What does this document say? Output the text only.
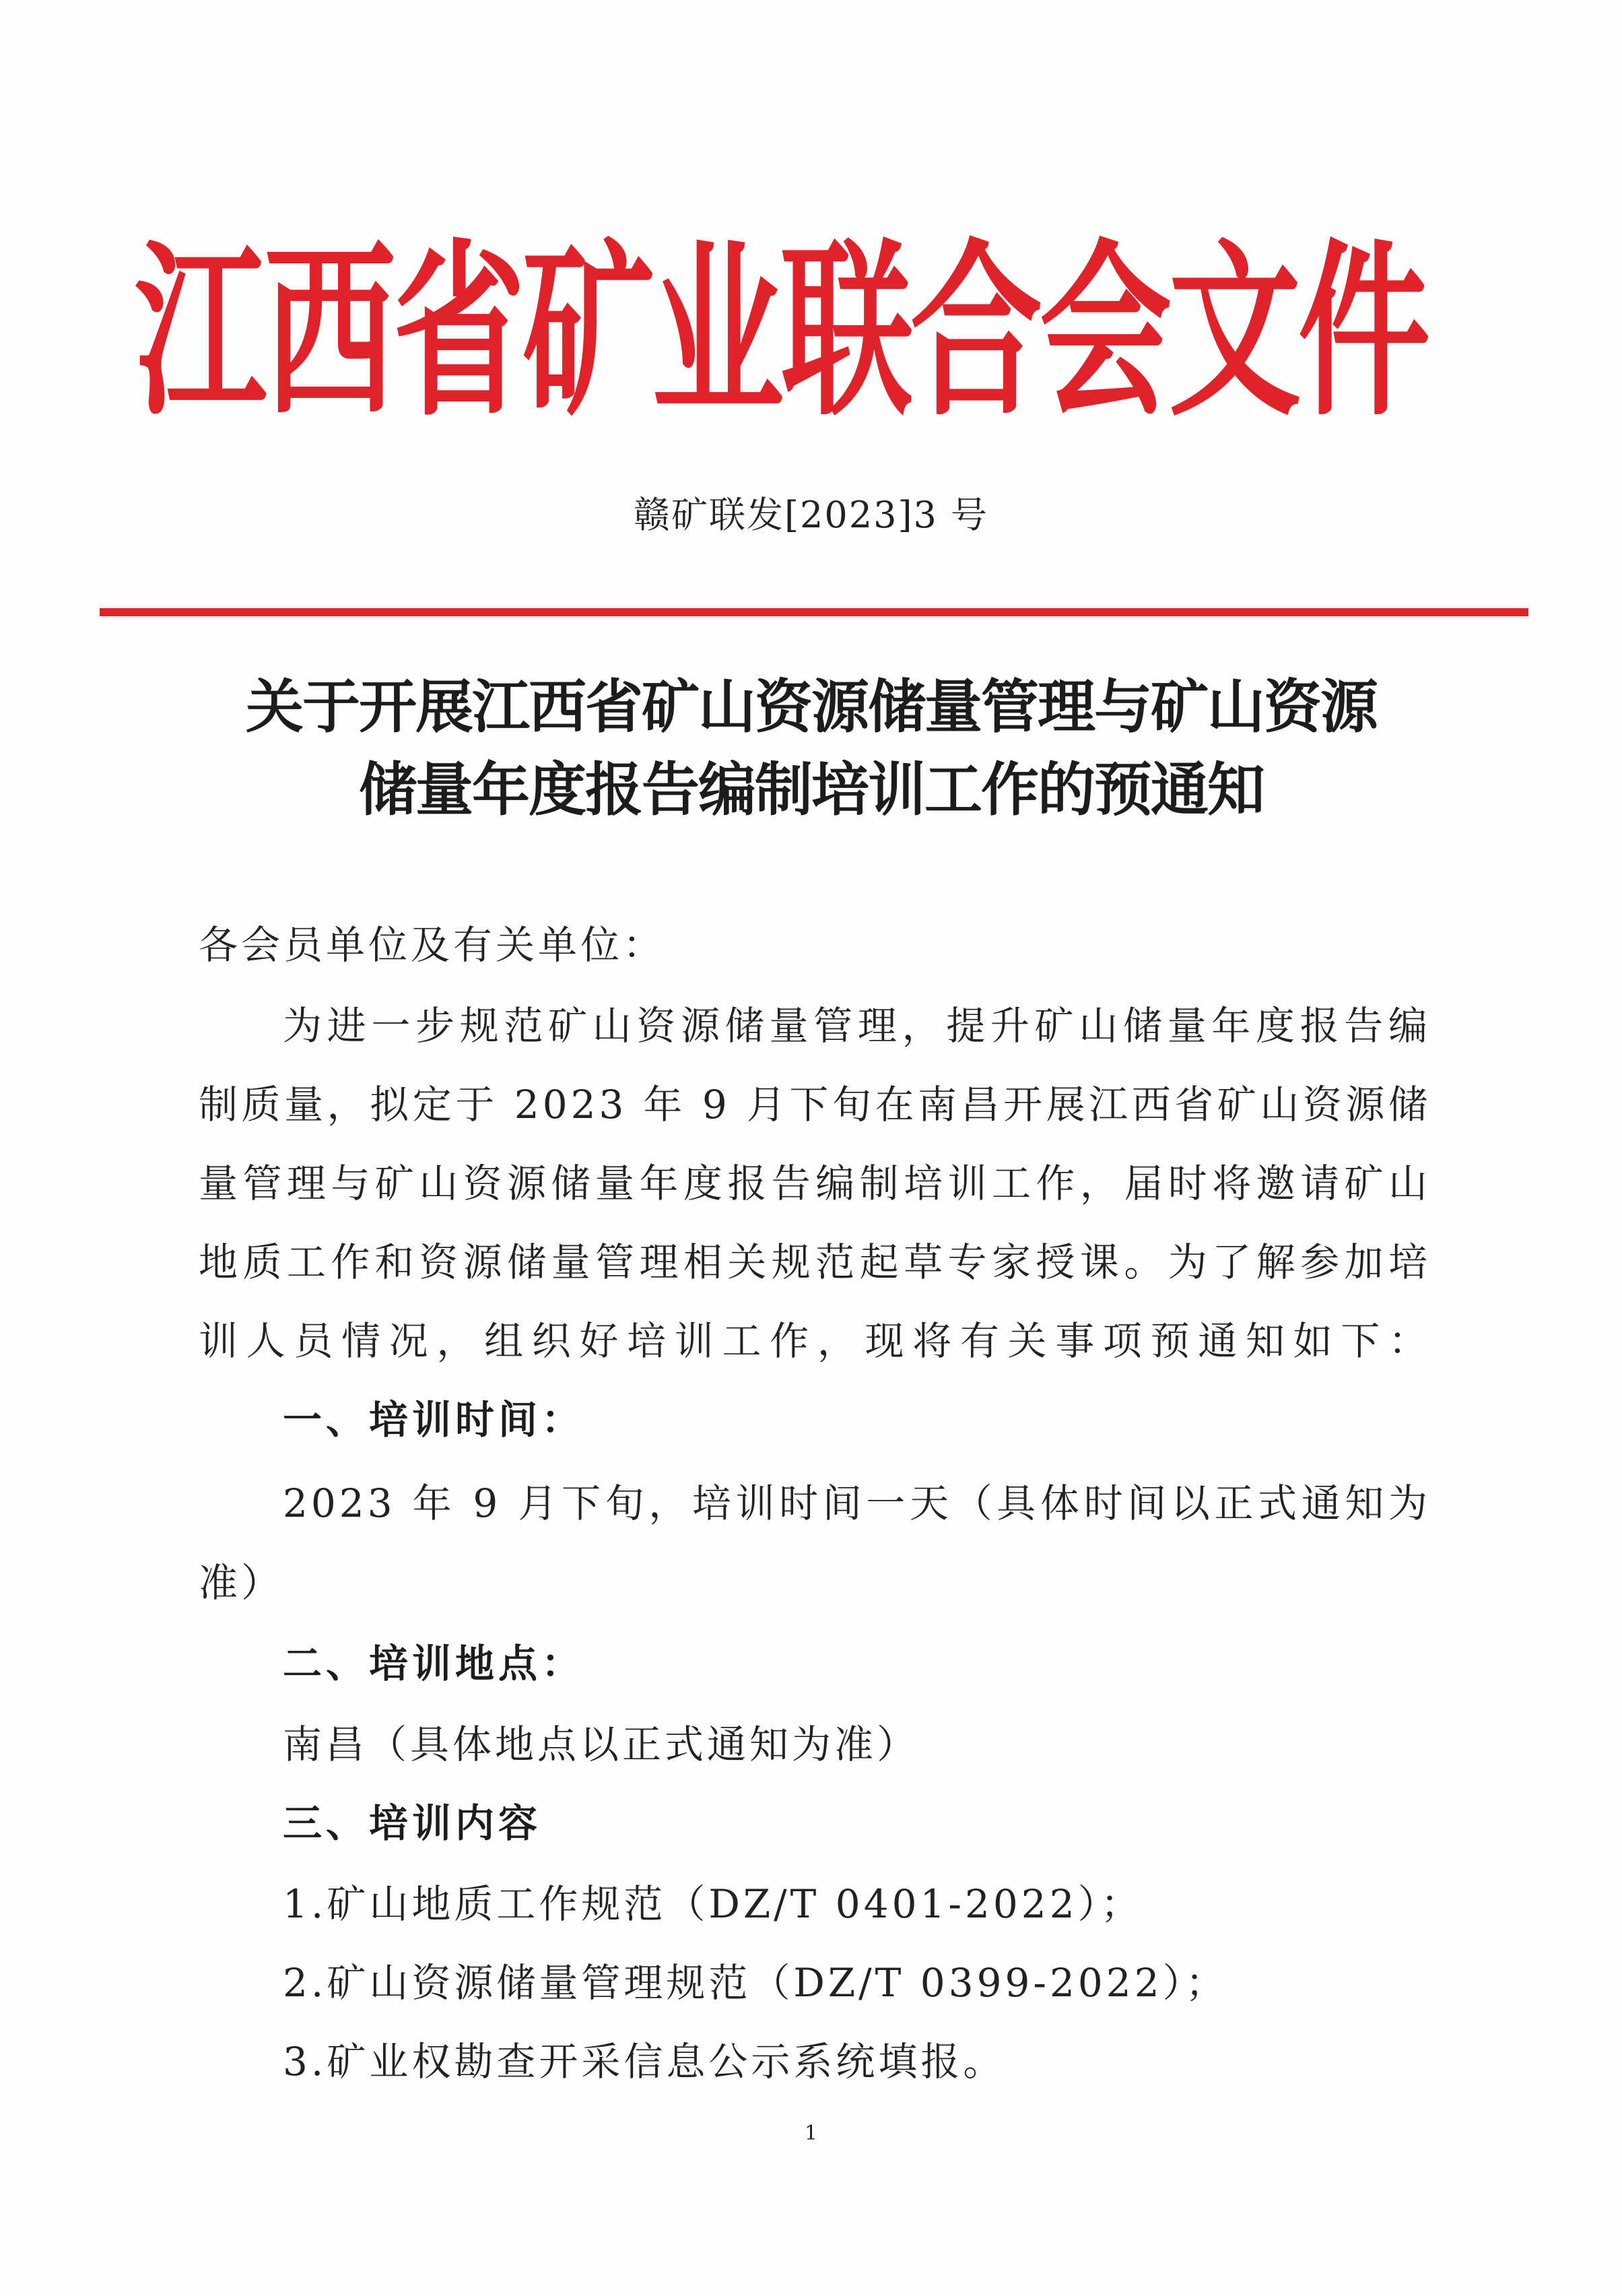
江西省矿业联合会文件
赣矿联发[2023]3 号
关于开展江西省矿山资源储量管理与矿山资源
储量年度报告编制培训工作的预通知
各会员单位及有关单位：
为进一步规范矿山资源储量管理，提升矿山储量年度报告编
制质量，拟定于 2023 年 9 月下旬在南昌开展江西省矿山资源储
量管理与矿山资源储量年度报告编制培训工作，届时将邀请矿山
地质工作和资源储量管理相关规范起草专家授课。为了解参加培
训人员情况，组织好培训工作，现将有关事项预通知如下：
一、培训时间：
2023 年 9 月下旬，培训时间一天（具体时间以正式通知为
准）
二、培训地点：
南昌（具体地点以正式通知为准）
三、培训内容
1.矿山地质工作规范（DZ/T 0401-2022）；
2.矿山资源储量管理规范（DZ/T 0399-2022）；
3.矿业权勘查开采信息公示系统填报。
1
